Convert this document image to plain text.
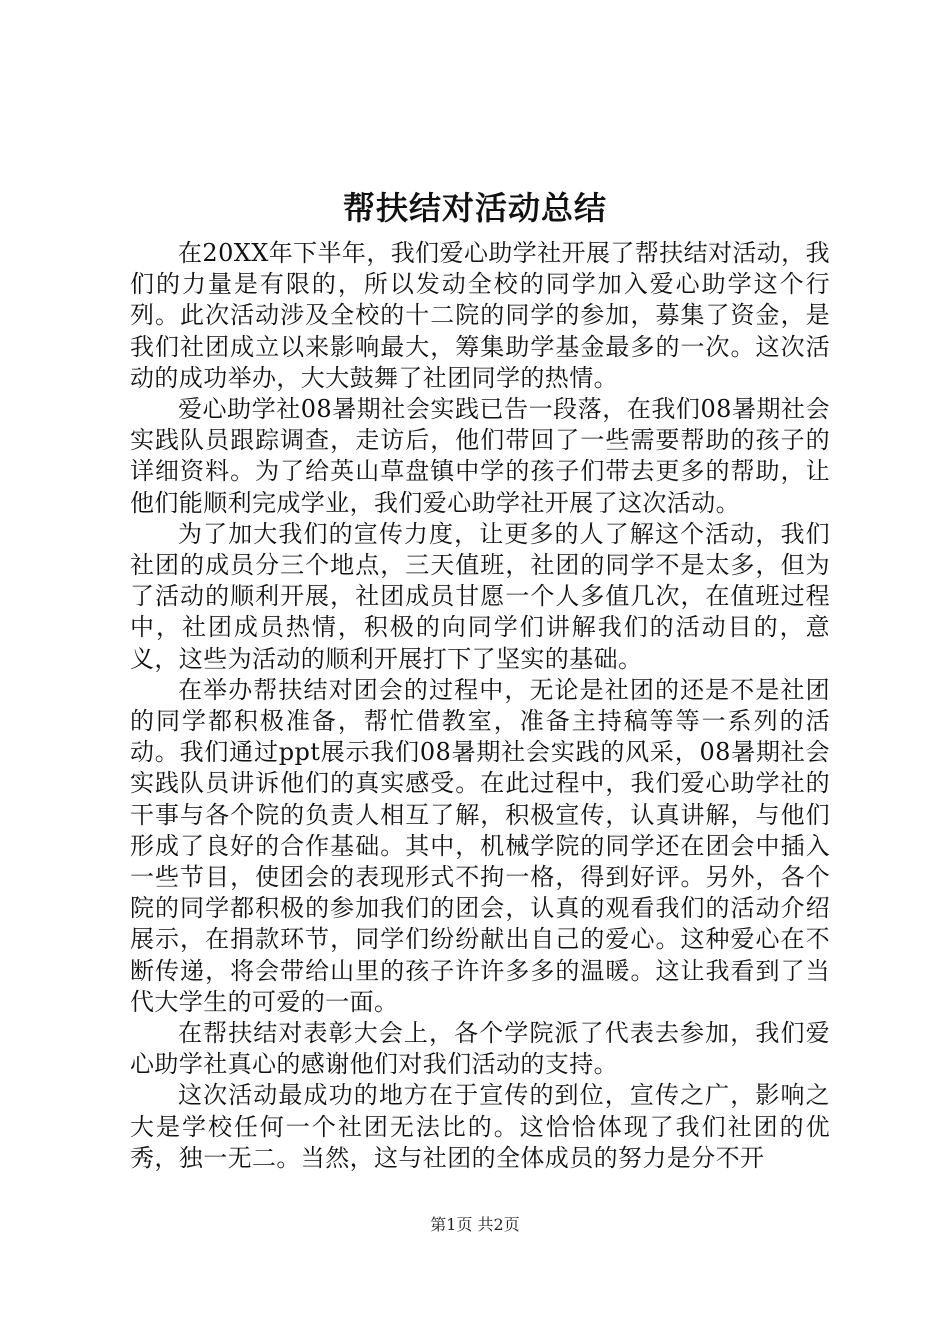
帮扶结对活动总结

在20XX年下半年，我们爱心助学社开展了帮扶结对活动，我们的力量是有限的，所以发动全校的同学加入爱心助学这个行列。此次活动涉及全校的十二院的同学的参加，募集了资金，是我们社团成立以来影响最大，筹集助学基金最多的一次。这次活动的成功举办，大大鼓舞了社团同学的热情。

爱心助学社08暑期社会实践已告一段落，在我们08暑期社会实践队员跟踪调查，走访后，他们带回了一些需要帮助的孩子的详细资料。为了给英山草盘镇中学的孩子们带去更多的帮助，让他们能顺利完成学业，我们爱心助学社开展了这次活动。

为了加大我们的宣传力度，让更多的人了解这个活动，我们社团的成员分三个地点，三天值班，社团的同学不是太多，但为了活动的顺利开展，社团成员甘愿一个人多值几次，在值班过程中，社团成员热情，积极的向同学们讲解我们的活动目的，意义，这些为活动的顺利开展打下了坚实的基础。

在举办帮扶结对团会的过程中，无论是社团的还是不是社团的同学都积极准备，帮忙借教室，准备主持稿等等一系列的活动。我们通过ppt展示我们08暑期社会实践的风采，08暑期社会实践队员讲诉他们的真实感受。在此过程中，我们爱心助学社的干事与各个院的负责人相互了解，积极宣传，认真讲解，与他们形成了良好的合作基础。其中，机械学院的同学还在团会中插入一些节目，使团会的表现形式不拘一格，得到好评。另外，各个院的同学都积极的参加我们的团会，认真的观看我们的活动介绍展示，在捐款环节，同学们纷纷献出自己的爱心。这种爱心在不断传递，将会带给山里的孩子许许多多的温暖。这让我看到了当代大学生的可爱的一面。

在帮扶结对表彰大会上，各个学院派了代表去参加，我们爱心助学社真心的感谢他们对我们活动的支持。

这次活动最成功的地方在于宣传的到位，宣传之广，影响之大是学校任何一个社团无法比的。这恰恰体现了我们社团的优秀，独一无二。当然，这与社团的全体成员的努力是分不开

第1页 共2页
